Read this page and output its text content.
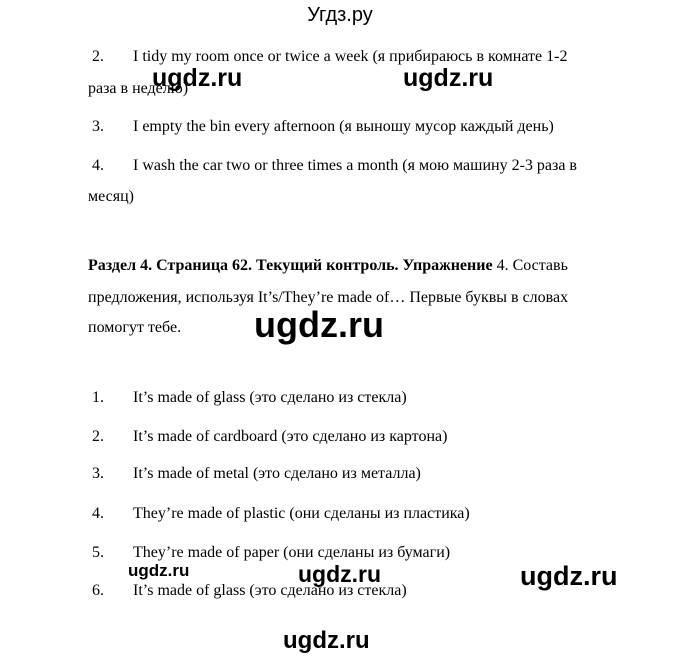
Угдз.ру
2. I tidy my room once or twice a week (я прибираюсь в комнате 1-2
раза в неделю)
3. I empty the bin every afternoon (я выношу мусор каждый день)
4. I wash the car two or three times a month (я мою машину 2-3 раза в
месяц)
Раздел 4. Страница 62. Текущий контроль. Упражнение 4. Составь
предложения, используя It’s/They’re made of… Первые буквы в словах
помогут тебе.
1. It’s made of glass (это сделано из стекла)
2. It’s made of cardboard (это сделано из картона)
3. It’s made of metal (это сделано из металла)
4. They’re made of plastic (они сделаны из пластика)
5. They’re made of paper (они сделаны из бумаги)
6. It’s made of glass (это сделано из стекла)
ugdz.ru	ugdz.ru
ugdz.ru
ugdz.ru	ugdz.ru	ugdz.ru
ugdz.ru
